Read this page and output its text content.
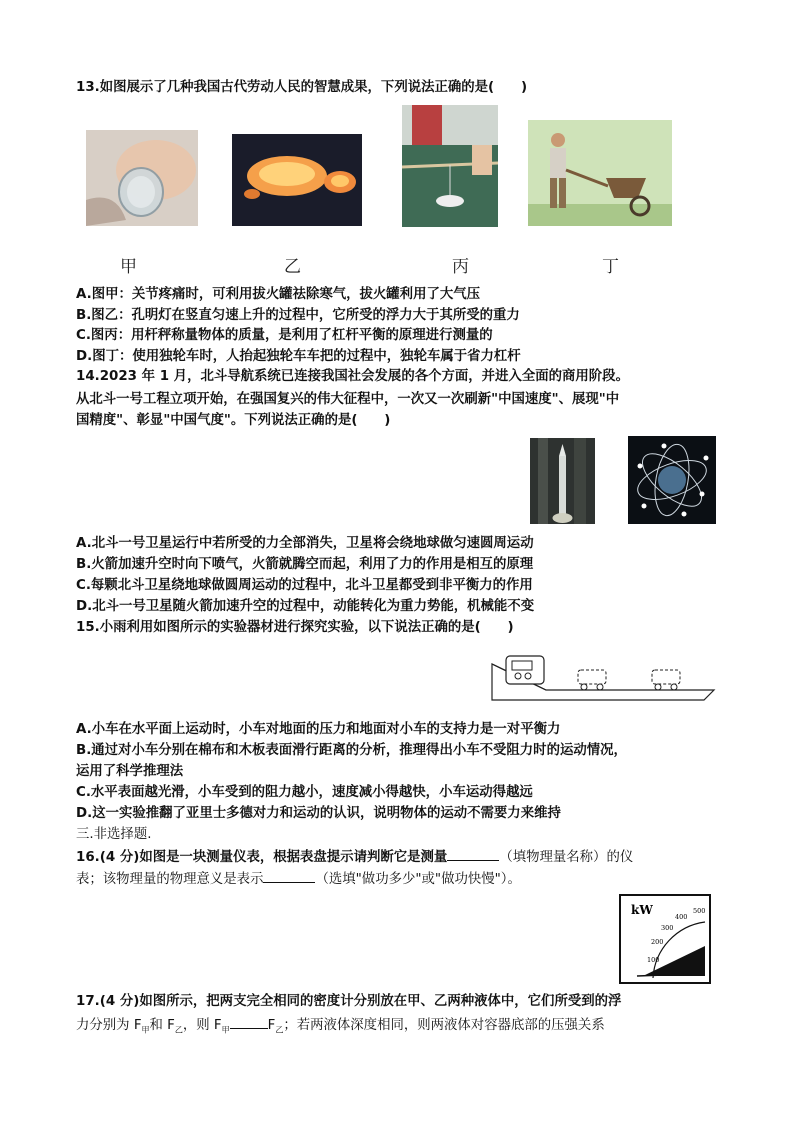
13.如图展示了几种我国古代劳动人民的智慧成果，下列说法正确的是(　　)
甲	乙	丙	丁
A.图甲：关节疼痛时，可利用拔火罐祛除寒气，拔火罐利用了大气压
B.图乙：孔明灯在竖直匀速上升的过程中，它所受的浮力大于其所受的重力
C.图丙：用杆秤称量物体的质量，是利用了杠杆平衡的原理进行测量的
D.图丁：使用独轮车时，人抬起独轮车车把的过程中，独轮车属于省力杠杆
14.2023 年 1 月，北斗导航系统已连接我国社会发展的各个方面，并进入全面的商用阶段。
从北斗一号工程立项开始，在强国复兴的伟大征程中，一次又一次刷新"中国速度"、展现"中
国精度"、彰显"中国气度"。下列说法正确的是(　　)
A.北斗一号卫星运行中若所受的力全部消失，卫星将会绕地球做匀速圆周运动
B.火箭加速升空时向下喷气，火箭就腾空而起，利用了力的作用是相互的原理
C.每颗北斗卫星绕地球做圆周运动的过程中，北斗卫星都受到非平衡力的作用
D.北斗一号卫星随火箭加速升空的过程中，动能转化为重力势能，机械能不变
15.小雨利用如图所示的实验器材进行探究实验，以下说法正确的是(　　)
A.小车在水平面上运动时，小车对地面的压力和地面对小车的支持力是一对平衡力
B.通过对小车分别在棉布和木板表面滑行距离的分析，推理得出小车不受阻力时的运动情况，
运用了科学推理法
C.水平表面越光滑，小车受到的阻力越小，速度减小得越快，小车运动得越远
D.这一实验推翻了亚里士多德对力和运动的认识，说明物体的运动不需要力来维持
三.非选择题.
16.(4 分)如图是一块测量仪表，根据表盘提示请判断它是测量	（填物理量名称）的仪
表；该物理量的物理意义是表示	（选填"做功多少"或"做功快慢"）。
kW
100
200
300
400
500
17.(4 分)如图所示，把两支完全相同的密度计分别放在甲、乙两种液体中，它们所受到的浮
力分别为 $F_甲$和 $F_乙$，则 $F_甲$	$F_乙$；若两液体深度相同，则两液体对容器底部的压强关系
